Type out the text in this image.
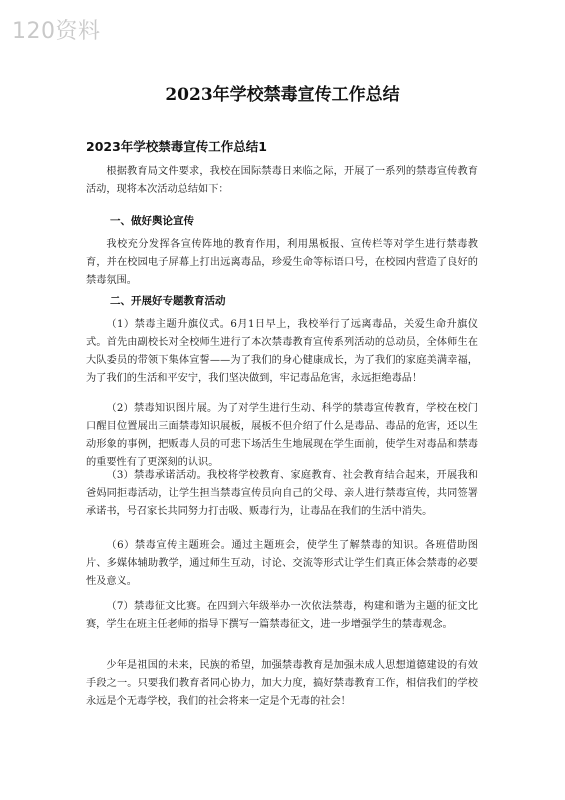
120资料
2023年学校禁毒宣传工作总结
2023年学校禁毒宣传工作总结1

根据教育局文件要求，我校在国际禁毒日来临之际，开展了一系列的禁毒宣传教育活动，现将本次活动总结如下：

一、做好舆论宣传

我校充分发挥各宣传阵地的教育作用，利用黑板报、宣传栏等对学生进行禁毒教育，并在校园电子屏幕上打出远离毒品，珍爱生命等标语口号，在校园内营造了良好的禁毒氛围。

二、开展好专题教育活动

（1）禁毒主题升旗仪式。6月1日早上，我校举行了远离毒品，关爱生命升旗仪式。首先由副校长对全校师生进行了本次禁毒教育宣传系列活动的总动员，全体师生在大队委员的带领下集体宣誓——为了我们的身心健康成长，为了我们的家庭美满幸福，为了我们的生活和平安宁，我们坚决做到，牢记毒品危害，永远拒绝毒品！

（2）禁毒知识图片展。为了对学生进行生动、科学的禁毒宣传教育，学校在校门口醒目位置展出三面禁毒知识展板，展板不但介绍了什么是毒品、毒品的危害，还以生动形象的事例，把贩毒人员的可悲下场活生生地展现在学生面前，使学生对毒品和禁毒的重要性有了更深刻的认识。

（3）禁毒承诺活动。我校将学校教育、家庭教育、社会教育结合起来，开展我和爸妈同拒毒活动，让学生担当禁毒宣传员向自己的父母、亲人进行禁毒宣传，共同签署承诺书，号召家长共同努力打击吸、贩毒行为，让毒品在我们的生活中消失。

（6）禁毒宣传主题班会。通过主题班会，使学生了解禁毒的知识。各班借助图片、多媒体辅助教学，通过师生互动，讨论、交流等形式让学生们真正体会禁毒的必要性及意义。

（7）禁毒征文比赛。在四到六年级举办一次依法禁毒，构建和谐为主题的征文比赛，学生在班主任老师的指导下撰写一篇禁毒征文，进一步增强学生的禁毒观念。

少年是祖国的未来，民族的希望，加强禁毒教育是加强未成人思想道德建设的有效手段之一。只要我们教育者同心协力，加大力度，搞好禁毒教育工作，相信我们的学校永远是个无毒学校，我们的社会将来一定是个无毒的社会！
